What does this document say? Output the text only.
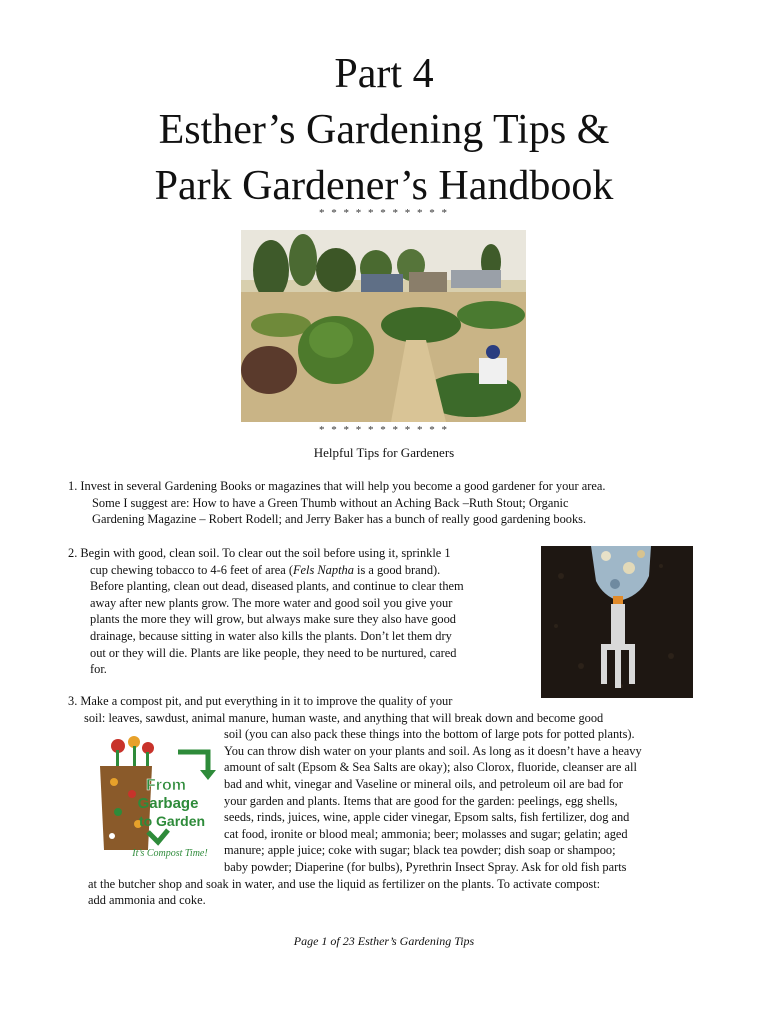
Part 4
Esther’s Gardening Tips &
Park Gardener’s Handbook
* * * * * * * * * * *
* * * * * * * * * * *
Helpful Tips for Gardeners
1. Invest in several Gardening Books or magazines that will help you become a good gardener for your area.
Some I suggest are: How to have a Green Thumb without an Aching Back –Ruth Stout; Organic
Gardening Magazine – Robert Rodell; and Jerry Baker has a bunch of really good gardening books.
2. Begin with good, clean soil. To clear out the soil before using it, sprinkle 1
cup chewing tobacco to 4-6 feet of area (Fels Naptha is a good brand).
Before planting, clean out dead, diseased plants, and continue to clear them
away after new plants grow. The more water and good soil you give your
plants the more they will grow, but always make sure they also have good
drainage, because sitting in water also kills the plants. Don’t let them dry
out or they will die. Plants are like people, they need to be nurtured, cared
for.
3. Make a compost pit, and put everything in it to improve the quality of your
soil: leaves, sawdust, animal manure, human waste, and anything that will break down and become good
soil (you can also pack these things into the bottom of large pots for potted plants).
You can throw dish water on your plants and soil. As long as it doesn’t have a heavy
amount of salt (Epsom & Sea Salts are okay); also Clorox, fluoride, cleanser are all
bad and whit, vinegar and Vaseline or mineral oils, and petroleum oil are bad for
your garden and plants. Items that are good for the garden: peelings, egg shells,
seeds, rinds, juices, wine, apple cider vinegar, Epsom salts, fish fertilizer, dog and
cat food, ironite or blood meal; ammonia; beer; molasses and sugar; gelatin; aged
manure; apple juice; coke with sugar; black tea powder; dish soap or shampoo;
baby powder; Diaperine (for bulbs), Pyrethrin Insect Spray. Ask for old fish parts
at the butcher shop and soak in water, and use the liquid as fertilizer on the plants. To activate compost:
add ammonia and coke.
From
Garbage
to Garden
It’s Compost Time!
Page 1 of 23 Esther’s Gardening Tips
